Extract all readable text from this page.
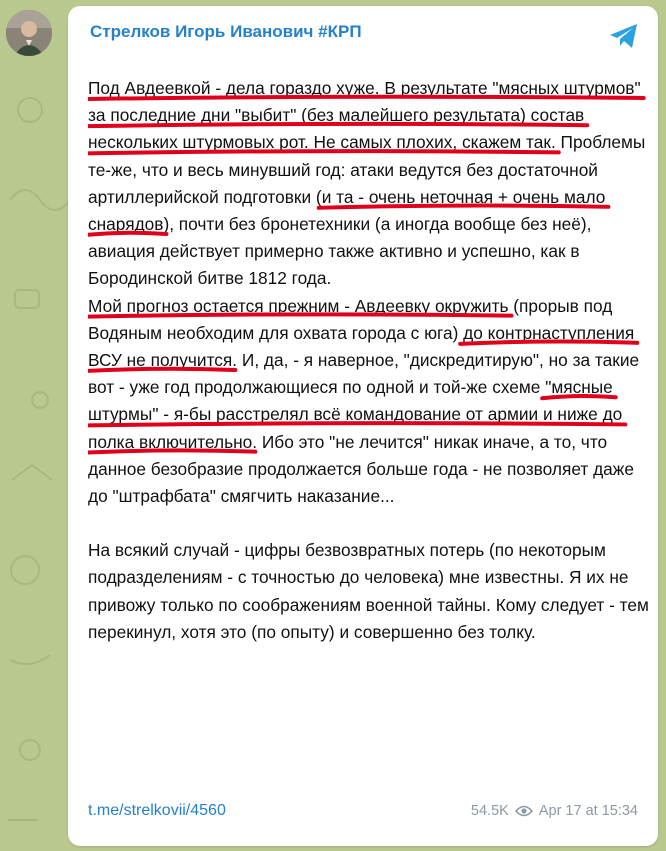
Стрелков Игорь Иванович #КРП

Под Авдеевкой - дела гораздо хуже. В результате "мясных штурмов" за последние дни "выбит" (без малейшего результата) состав нескольких штурмовых рот. Не самых плохих, скажем так. Проблемы те-же, что и весь минувший год: атаки ведутся без достаточной артиллерийской подготовки (и та - очень неточная + очень мало снарядов), почти без бронетехники (а иногда вообще без неё), авиация действует примерно также активно и успешно, как в Бородинской битве 1812 года.

Мой прогноз остается прежним - Авдеевку окружить (прорыв под Водяным необходим для охвата города с юга) до контрнаступления ВСУ не получится. И, да, - я наверное, "дискредитирую", но за такие вот - уже год продолжающиеся по одной и той-же схеме "мясные штурмы" - я-бы расстрелял всё командование от армии и ниже до полка включительно. Ибо это "не лечится" никак иначе, а то, что данное безобразие продолжается больше года - не позволяет даже до "штрафбата" смягчить наказание...

На всякий случай - цифры безвозвратных потерь (по некоторым подразделениям - с точностью до человека) мне известны. Я их не привожу только по соображениям военной тайны. Кому следует - тем перекинул, хотя это (по опыту) и совершенно без толку.

t.me/strelkovii/4560	54.5K Apr 17 at 15:34
